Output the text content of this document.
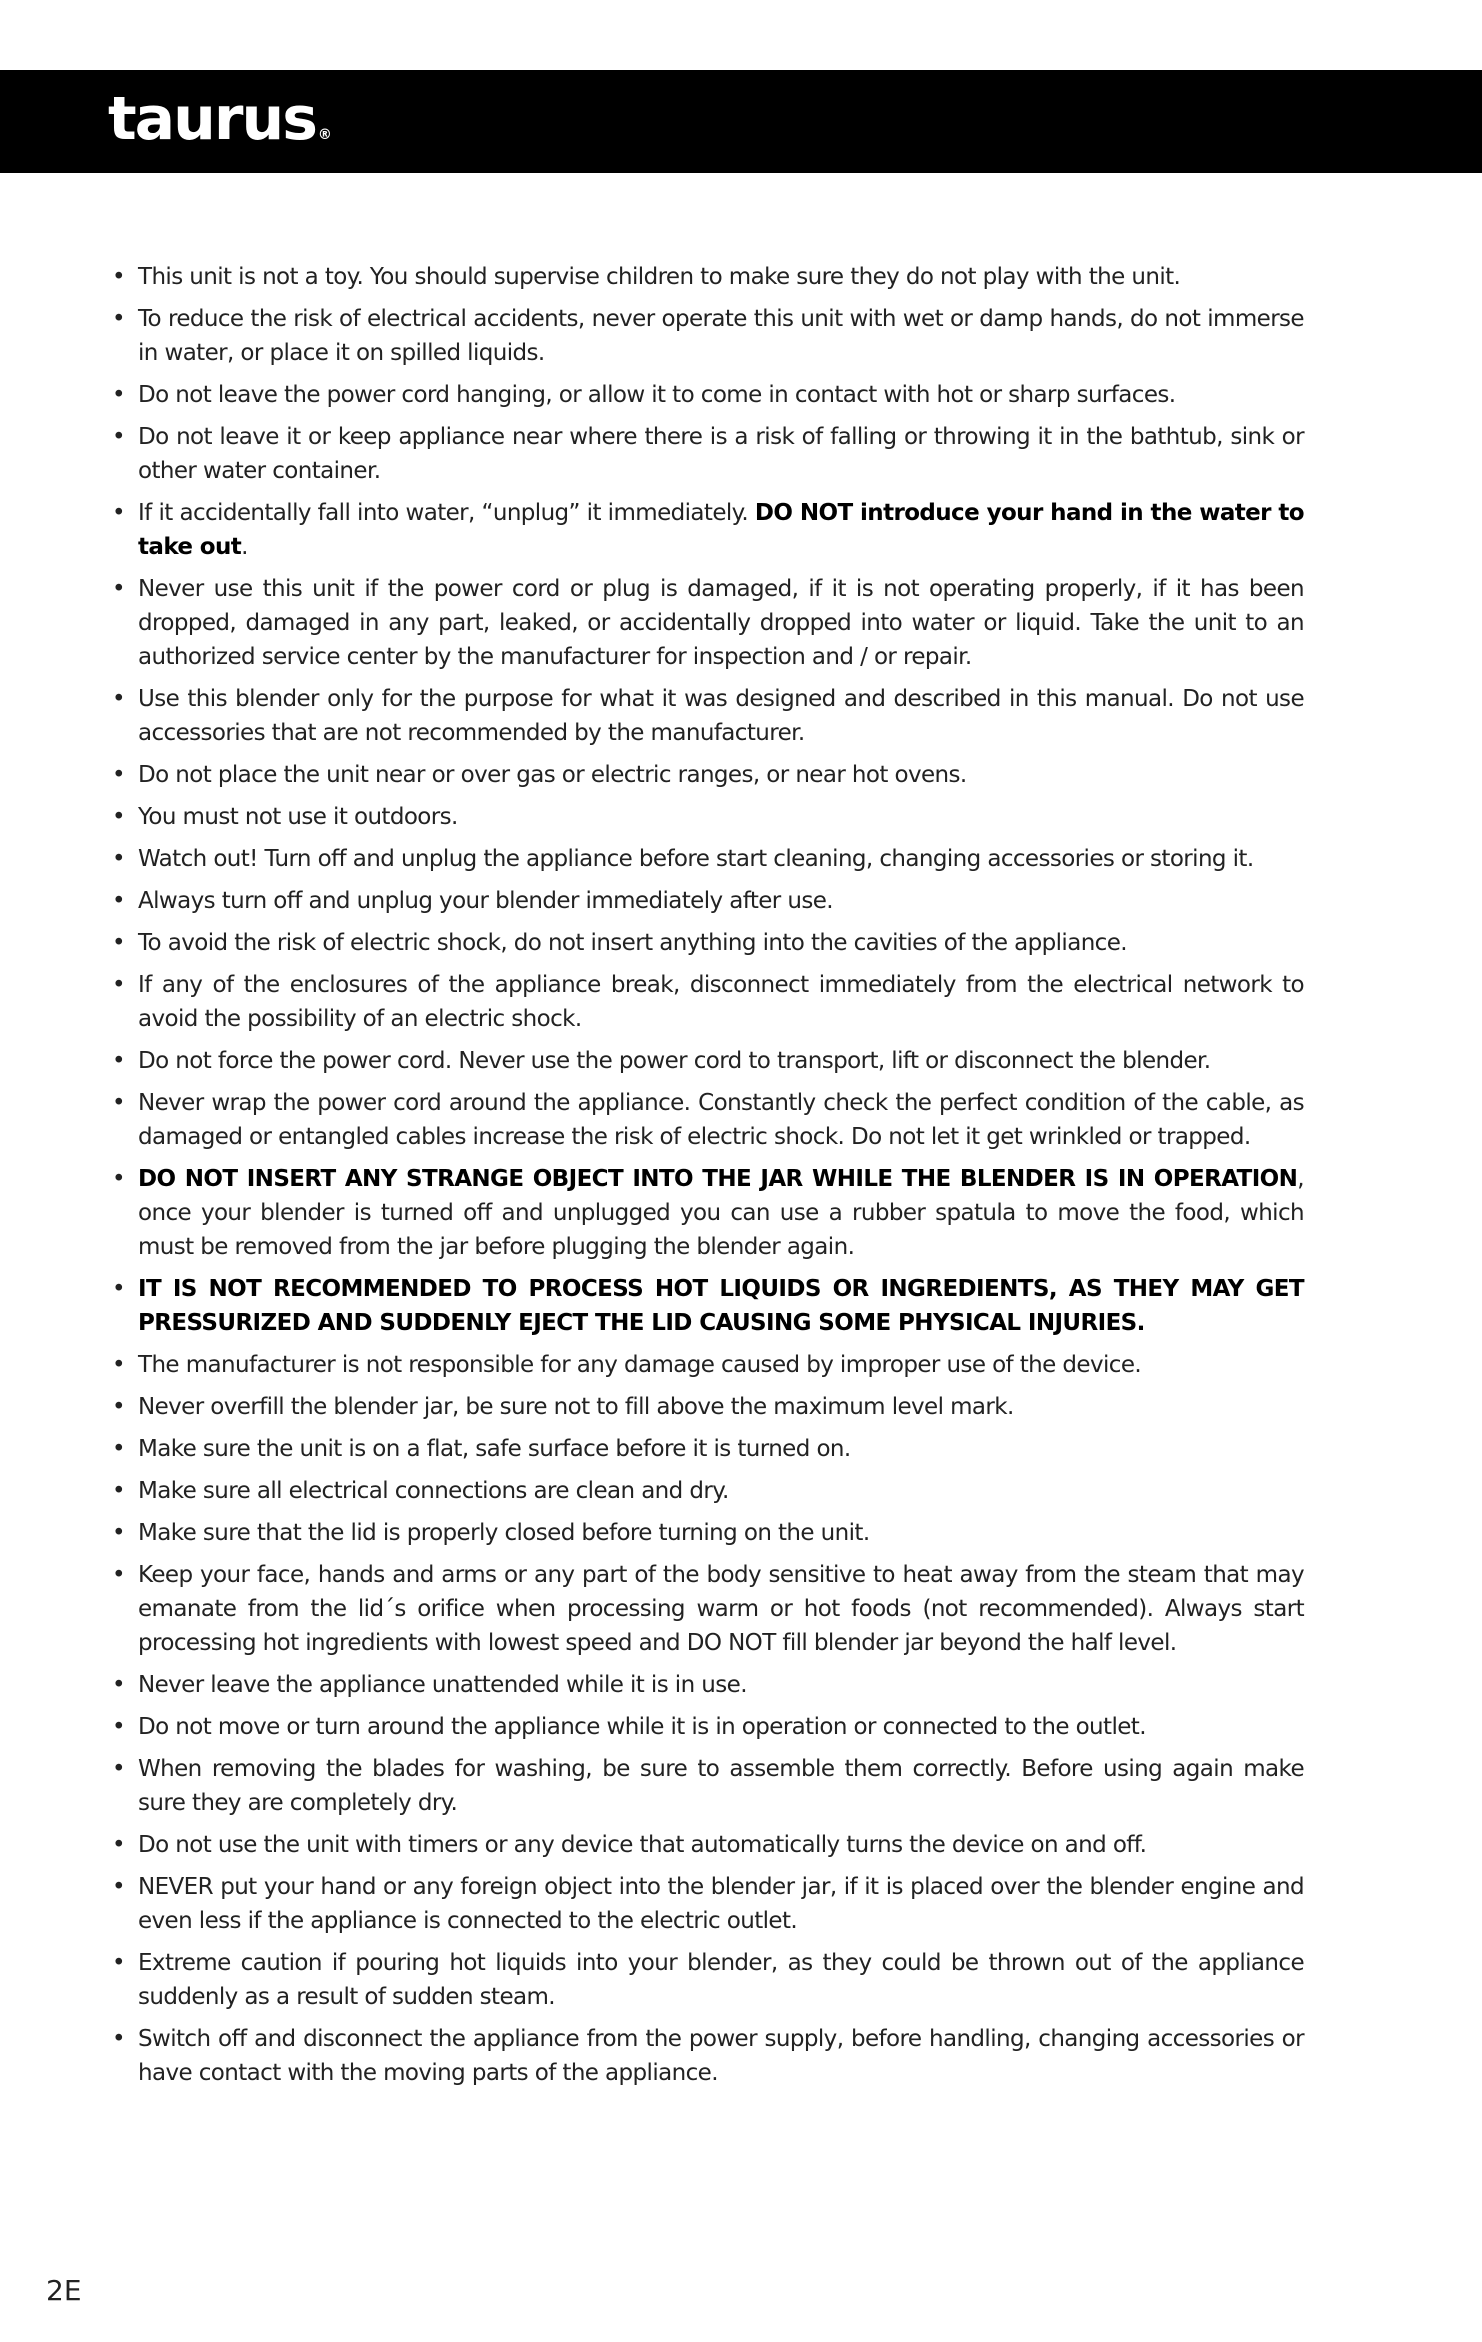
taurus ®
• This unit is not a toy. You should supervise children to make sure they do not play with the unit.
• To reduce the risk of electrical accidents, never operate this unit with wet or damp hands, do not immerse in water, or place it on spilled liquids.
• Do not leave the power cord hanging, or allow it to come in contact with hot or sharp surfaces.
• Do not leave it or keep appliance near where there is a risk of falling or throwing it in the bathtub, sink or other water container.
• If it accidentally fall into water, “unplug” it immediately. DO NOT introduce your hand in the water to take out.
• Never use this unit if the power cord or plug is damaged, if it is not operating properly, if it has been dropped, damaged in any part, leaked, or accidentally dropped into water or liquid. Take the unit to an authorized service center by the manufacturer for inspection and / or repair.
• Use this blender only for the purpose for what it was designed and described in this manual. Do not use accessories that are not recommended by the manufacturer.
• Do not place the unit near or over gas or electric ranges, or near hot ovens.
• You must not use it outdoors.
• Watch out! Turn off and unplug the appliance before start cleaning, changing accessories or storing it.
• Always turn off and unplug your blender immediately after use.
• To avoid the risk of electric shock, do not insert anything into the cavities of the appliance.
• If any of the enclosures of the appliance break, disconnect immediately from the electrical network to avoid the possibility of an electric shock.
• Do not force the power cord. Never use the power cord to transport, lift or disconnect the blender.
• Never wrap the power cord around the appliance. Constantly check the perfect condition of the cable, as damaged or entangled cables increase the risk of electric shock. Do not let it get wrinkled or trapped.
• DO NOT INSERT ANY STRANGE OBJECT INTO THE JAR WHILE THE BLENDER IS IN OPERATION, once your blender is turned off and unplugged you can use a rubber spatula to move the food, which must be removed from the jar before plugging the blender again.
• IT IS NOT RECOMMENDED TO PROCESS HOT LIQUIDS OR INGREDIENTS, AS THEY MAY GET PRESSURIZED AND SUDDENLY EJECT THE LID CAUSING SOME PHYSICAL INJURIES.
• The manufacturer is not responsible for any damage caused by improper use of the device.
• Never overfill the blender jar, be sure not to fill above the maximum level mark.
• Make sure the unit is on a flat, safe surface before it is turned on.
• Make sure all electrical connections are clean and dry.
• Make sure that the lid is properly closed before turning on the unit.
• Keep your face, hands and arms or any part of the body sensitive to heat away from the steam that may emanate from the lid´s orifice when processing warm or hot foods (not recommended). Always start processing hot ingredients with lowest speed and DO NOT fill blender jar beyond the half level.
• Never leave the appliance unattended while it is in use.
• Do not move or turn around the appliance while it is in operation or connected to the outlet.
• When removing the blades for washing, be sure to assemble them correctly. Before using again make sure they are completely dry.
• Do not use the unit with timers or any device that automatically turns the device on and off.
• NEVER put your hand or any foreign object into the blender jar, if it is placed over the blender engine and even less if the appliance is connected to the electric outlet.
• Extreme caution if pouring hot liquids into your blender, as they could be thrown out of the appliance suddenly as a result of sudden steam.
• Switch off and disconnect the appliance from the power supply, before handling, changing accessories or have contact with the moving parts of the appliance.
2E
